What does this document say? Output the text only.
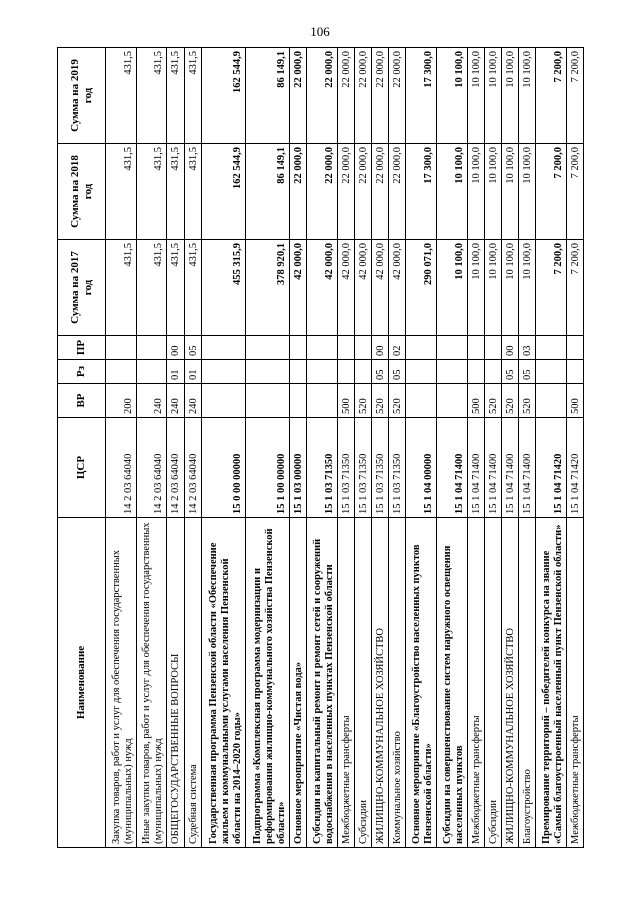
106
Наименование	ЦСР	ВР	Рз	ПР	Сумма на 2017 год	Сумма на 2018 год	Сумма на 2019 год
Закупка товаров, работ и услуг для обеспечения государственных (муниципальных) нужд	14 2 03 64040	200			431,5	431,5	431,5
Иные закупки товаров, работ и услуг для обеспечения государственных (муниципальных) нужд	14 2 03 64040	240			431,5	431,5	431,5
ОБЩЕГОСУДАРСТВЕННЫЕ ВОПРОСЫ	14 2 03 64040	240	01	00	431,5	431,5	431,5
Судебная система	14 2 03 64040	240	01	05	431,5	431,5	431,5
Государственная программа Пензенской области «Обеспечение жильем и коммунальными услугами населения Пензенской области на 2014–2020 годы»	15 0 00 00000				455 315,9	162 544,9	162 544,9
Подпрограмма «Комплексная программа модернизации и реформирования жилищно-коммунального хозяйства Пензенской области»	15 1 00 00000				378 920,1	86 149,1	86 149,1
Основное мероприятие «Чистая вода»	15 1 03 00000				42 000,0	22 000,0	22 000,0
Субсидии на капитальный ремонт и ремонт сетей и сооружений водоснабжения в населенных пунктах Пензенской области	15 1 03 71350				42 000,0	22 000,0	22 000,0
Межбюджетные трансферты	15 1 03 71350	500			42 000,0	22 000,0	22 000,0
Субсидии	15 1 03 71350	520			42 000,0	22 000,0	22 000,0
ЖИЛИЩНО-КОММУНАЛЬНОЕ ХОЗЯЙСТВО	15 1 03 71350	520	05	00	42 000,0	22 000,0	22 000,0
Коммунальное хозяйство	15 1 03 71350	520	05	02	42 000,0	22 000,0	22 000,0
Основное мероприятие «Благоустройство населенных пунктов Пензенской области»	15 1 04 00000				290 071,0	17 300,0	17 300,0
Субсидии на совершенствование систем наружного освещения населенных пунктов	15 1 04 71400				10 100,0	10 100,0	10 100,0
Межбюджетные трансферты	15 1 04 71400	500			10 100,0	10 100,0	10 100,0
Субсидии	15 1 04 71400	520			10 100,0	10 100,0	10 100,0
ЖИЛИЩНО-КОММУНАЛЬНОЕ ХОЗЯЙСТВО	15 1 04 71400	520	05	00	10 100,0	10 100,0	10 100,0
Благоустройство	15 1 04 71400	520	05	03	10 100,0	10 100,0	10 100,0
Премирование территорий – победителей конкурса на звание «Самый благоустроенный населенный пункт Пензенской области»	15 1 04 71420				7 200,0	7 200,0	7 200,0
Межбюджетные трансферты	15 1 04 71420	500			7 200,0	7 200,0	7 200,0
